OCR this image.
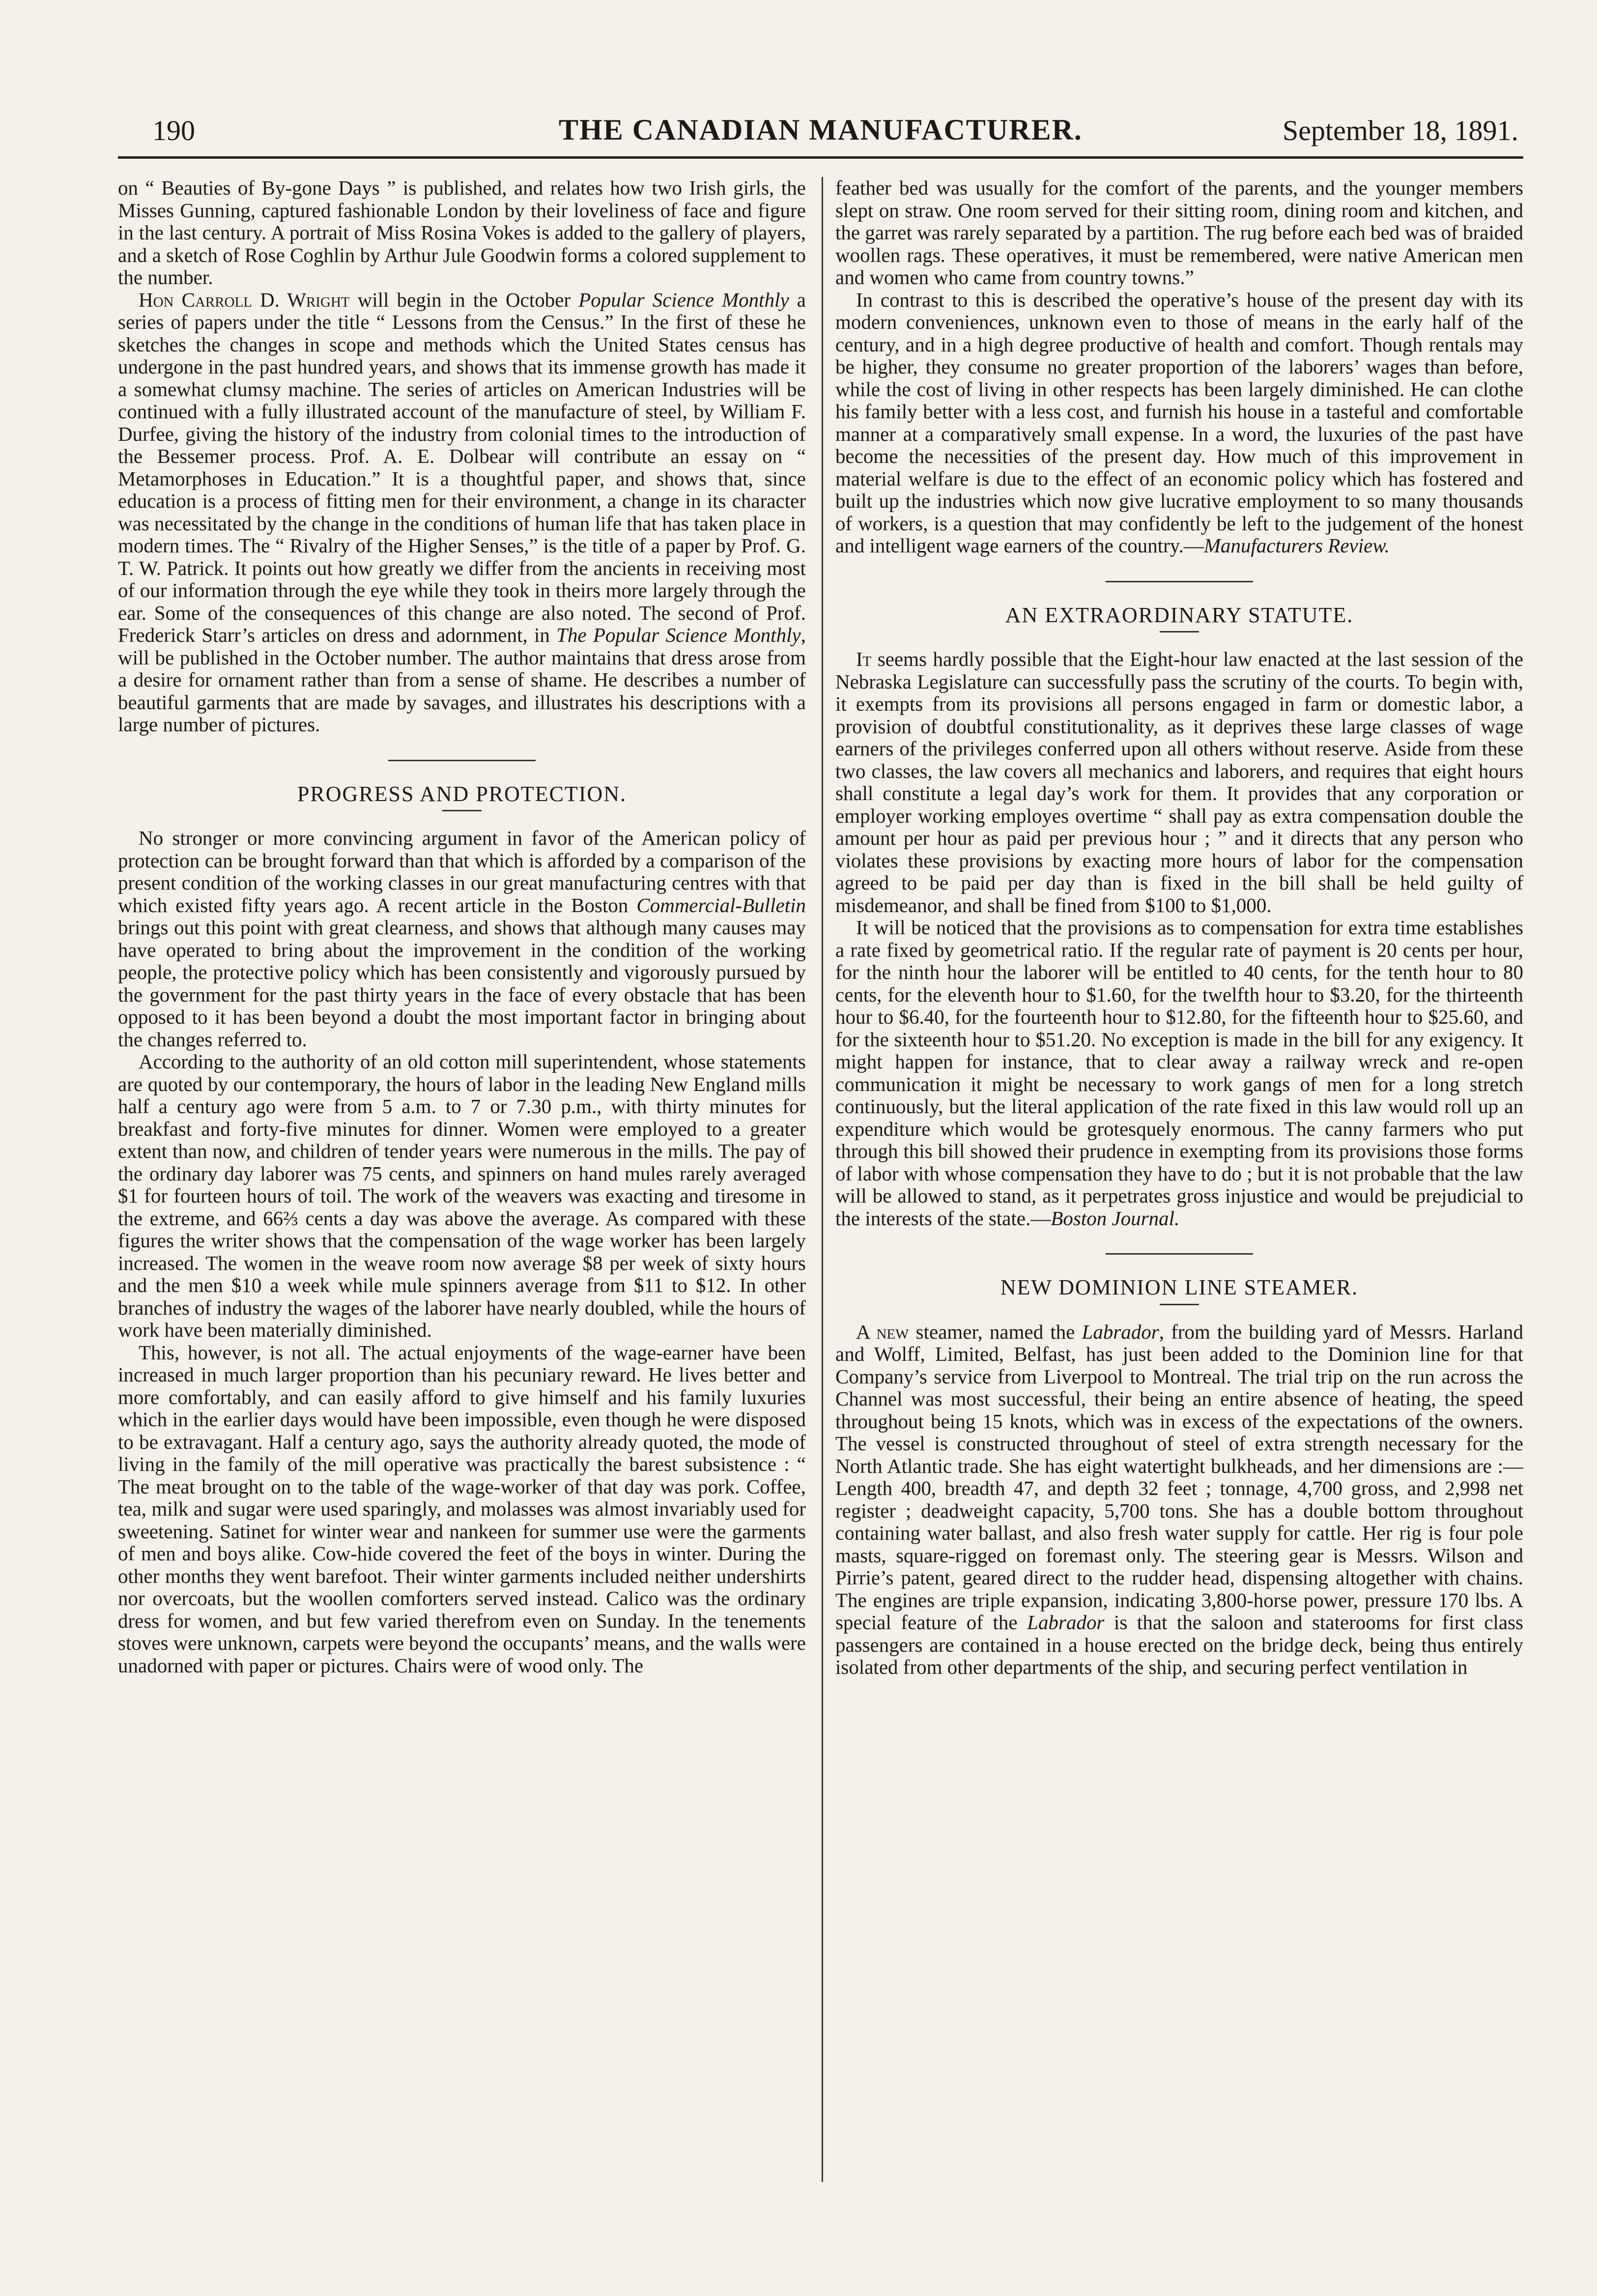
190	THE CANADIAN MANUFACTURER.	September 18, 1891.

on “ Beauties of By-gone Days ” is published, and relates how two Irish girls, the Misses Gunning, captured fashionable London by their loveliness of face and figure in the last century. A portrait of Miss Rosina Vokes is added to the gallery of players, and a sketch of Rose Coghlin by Arthur Jule Goodwin forms a colored supplement to the number.

Hon Carroll D. Wright will begin in the October Popular Science Monthly a series of papers under the title “ Lessons from the Census.” In the first of these he sketches the changes in scope and methods which the United States census has undergone in the past hundred years, and shows that its immense growth has made it a somewhat clumsy machine. The series of articles on American Industries will be continued with a fully illustrated account of the manufacture of steel, by William F. Durfee, giving the history of the industry from colonial times to the introduction of the Bessemer process. Prof. A. E. Dolbear will contribute an essay on “ Metamorphoses in Education.” It is a thoughtful paper, and shows that, since education is a process of fitting men for their environment, a change in its character was necessitated by the change in the conditions of human life that has taken place in modern times. The “ Rivalry of the Higher Senses,” is the title of a paper by Prof. G. T. W. Patrick. It points out how greatly we differ from the ancients in receiving most of our information through the eye while they took in theirs more largely through the ear. Some of the consequences of this change are also noted. The second of Prof. Frederick Starr’s articles on dress and adornment, in The Popular Science Monthly, will be published in the October number. The author maintains that dress arose from a desire for ornament rather than from a sense of shame. He describes a number of beautiful garments that are made by savages, and illustrates his descriptions with a large number of pictures.

PROGRESS AND PROTECTION.

No stronger or more convincing argument in favor of the American policy of protection can be brought forward than that which is afforded by a comparison of the present condition of the working classes in our great manufacturing centres with that which existed fifty years ago. A recent article in the Boston Commercial-Bulletin brings out this point with great clearness, and shows that although many causes may have operated to bring about the improvement in the condition of the working people, the protective policy which has been consistently and vigorously pursued by the government for the past thirty years in the face of every obstacle that has been opposed to it has been beyond a doubt the most important factor in bringing about the changes referred to.

According to the authority of an old cotton mill superintendent, whose statements are quoted by our contemporary, the hours of labor in the leading New England mills half a century ago were from 5 a.m. to 7 or 7.30 p.m., with thirty minutes for breakfast and forty-five minutes for dinner. Women were employed to a greater extent than now, and children of tender years were numerous in the mills. The pay of the ordinary day laborer was 75 cents, and spinners on hand mules rarely averaged $1 for fourteen hours of toil. The work of the weavers was exacting and tiresome in the extreme, and 66⅔ cents a day was above the average. As compared with these figures the writer shows that the compensation of the wage worker has been largely increased. The women in the weave room now average $8 per week of sixty hours and the men $10 a week while mule spinners average from $11 to $12. In other branches of industry the wages of the laborer have nearly doubled, while the hours of work have been materially diminished.

This, however, is not all. The actual enjoyments of the wage-earner have been increased in much larger proportion than his pecuniary reward. He lives better and more comfortably, and can easily afford to give himself and his family luxuries which in the earlier days would have been impossible, even though he were disposed to be extravagant. Half a century ago, says the authority already quoted, the mode of living in the family of the mill operative was practically the barest subsistence : “ The meat brought on to the table of the wage-worker of that day was pork. Coffee, tea, milk and sugar were used sparingly, and molasses was almost invariably used for sweetening. Satinet for winter wear and nankeen for summer use were the garments of men and boys alike. Cow-hide covered the feet of the boys in winter. During the other months they went barefoot. Their winter garments included neither undershirts nor overcoats, but the woollen comforters served instead. Calico was the ordinary dress for women, and but few varied therefrom even on Sunday. In the tenements stoves were unknown, carpets were beyond the occupants’ means, and the walls were unadorned with paper or pictures. Chairs were of wood only. The

feather bed was usually for the comfort of the parents, and the younger members slept on straw. One room served for their sitting room, dining room and kitchen, and the garret was rarely separated by a partition. The rug before each bed was of braided woollen rags. These operatives, it must be remembered, were native American men and women who came from country towns.”

In contrast to this is described the operative’s house of the present day with its modern conveniences, unknown even to those of means in the early half of the century, and in a high degree productive of health and comfort. Though rentals may be higher, they consume no greater proportion of the laborers’ wages than before, while the cost of living in other respects has been largely diminished. He can clothe his family better with a less cost, and furnish his house in a tasteful and comfortable manner at a comparatively small expense. In a word, the luxuries of the past have become the necessities of the present day. How much of this improvement in material welfare is due to the effect of an economic policy which has fostered and built up the industries which now give lucrative employment to so many thousands of workers, is a question that may confidently be left to the judgement of the honest and intelligent wage earners of the country.—Manufacturers Review.

AN EXTRAORDINARY STATUTE.

It seems hardly possible that the Eight-hour law enacted at the last session of the Nebraska Legislature can successfully pass the scrutiny of the courts. To begin with, it exempts from its provisions all persons engaged in farm or domestic labor, a provision of doubtful constitutionality, as it deprives these large classes of wage earners of the privileges conferred upon all others without reserve. Aside from these two classes, the law covers all mechanics and laborers, and requires that eight hours shall constitute a legal day’s work for them. It provides that any corporation or employer working employes overtime “ shall pay as extra compensation double the amount per hour as paid per previous hour ; ” and it directs that any person who violates these provisions by exacting more hours of labor for the compensation agreed to be paid per day than is fixed in the bill shall be held guilty of misdemeanor, and shall be fined from $100 to $1,000.

It will be noticed that the provisions as to compensation for extra time establishes a rate fixed by geometrical ratio. If the regular rate of payment is 20 cents per hour, for the ninth hour the laborer will be entitled to 40 cents, for the tenth hour to 80 cents, for the eleventh hour to $1.60, for the twelfth hour to $3.20, for the thirteenth hour to $6.40, for the fourteenth hour to $12.80, for the fifteenth hour to $25.60, and for the sixteenth hour to $51.20. No exception is made in the bill for any exigency. It might happen for instance, that to clear away a railway wreck and re-open communication it might be necessary to work gangs of men for a long stretch continuously, but the literal application of the rate fixed in this law would roll up an expenditure which would be grotesquely enormous. The canny farmers who put through this bill showed their prudence in exempting from its provisions those forms of labor with whose compensation they have to do ; but it is not probable that the law will be allowed to stand, as it perpetrates gross injustice and would be prejudicial to the interests of the state.—Boston Journal.

NEW DOMINION LINE STEAMER.

A new steamer, named the Labrador, from the building yard of Messrs. Harland and Wolff, Limited, Belfast, has just been added to the Dominion line for that Company’s service from Liverpool to Montreal. The trial trip on the run across the Channel was most successful, their being an entire absence of heating, the speed throughout being 15 knots, which was in excess of the expectations of the owners. The vessel is constructed throughout of steel of extra strength necessary for the North Atlantic trade. She has eight watertight bulkheads, and her dimensions are :—Length 400, breadth 47, and depth 32 feet ; tonnage, 4,700 gross, and 2,998 net register ; deadweight capacity, 5,700 tons. She has a double bottom throughout containing water ballast, and also fresh water supply for cattle. Her rig is four pole masts, square-rigged on foremast only. The steering gear is Messrs. Wilson and Pirrie’s patent, geared direct to the rudder head, dispensing altogether with chains. The engines are triple expansion, indicating 3,800-horse power, pressure 170 lbs. A special feature of the Labrador is that the saloon and staterooms for first class passengers are contained in a house erected on the bridge deck, being thus entirely isolated from other departments of the ship, and securing perfect ventilation in
